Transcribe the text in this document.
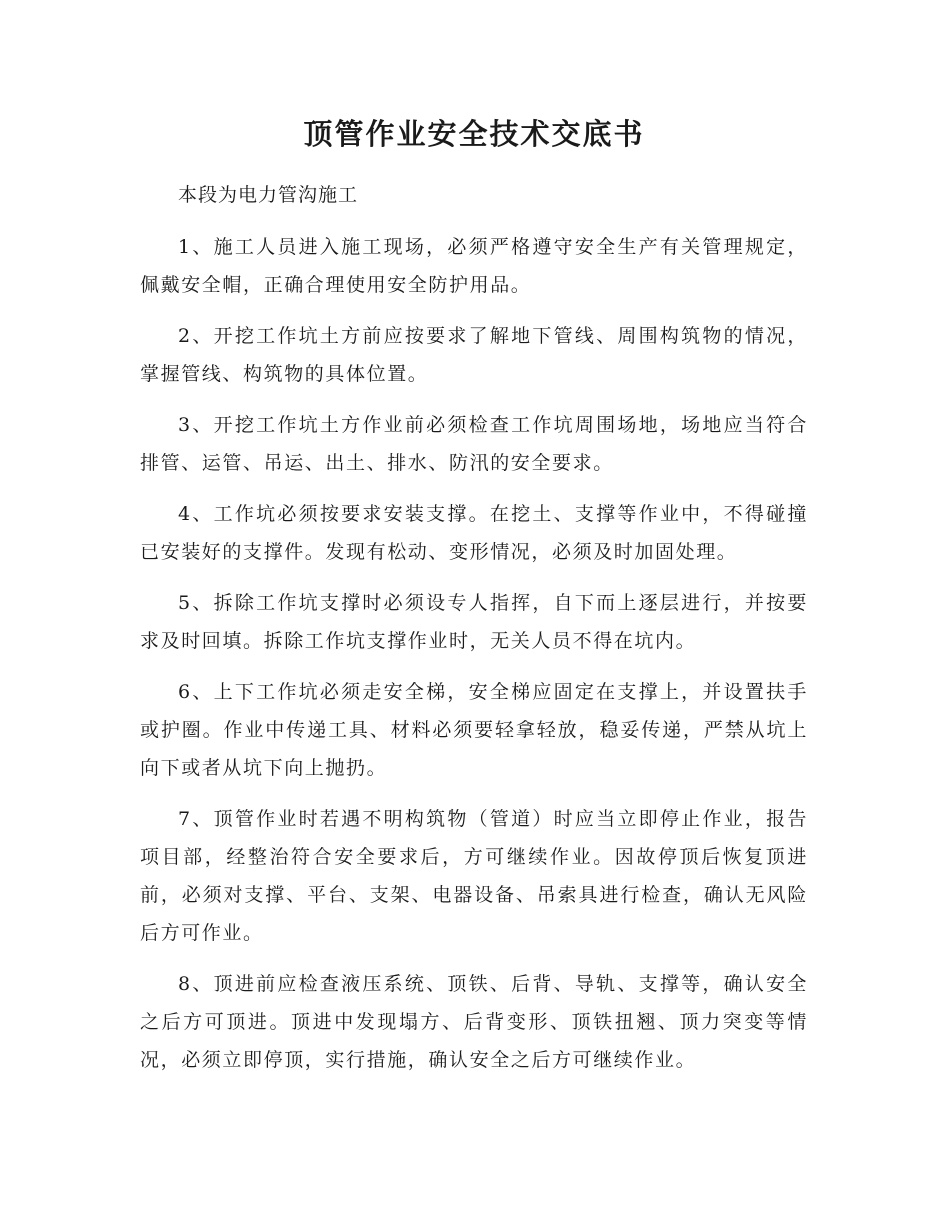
顶管作业安全技术交底书

本段为电力管沟施工

1、施工人员进入施工现场，必须严格遵守安全生产有关管理规定，佩戴安全帽，正确合理使用安全防护用品。

2、开挖工作坑土方前应按要求了解地下管线、周围构筑物的情况，掌握管线、构筑物的具体位置。

3、开挖工作坑土方作业前必须检查工作坑周围场地，场地应当符合排管、运管、吊运、出土、排水、防汛的安全要求。

4、工作坑必须按要求安装支撑。在挖土、支撑等作业中，不得碰撞已安装好的支撑件。发现有松动、变形情况，必须及时加固处理。

5、拆除工作坑支撑时必须设专人指挥，自下而上逐层进行，并按要求及时回填。拆除工作坑支撑作业时，无关人员不得在坑内。

6、上下工作坑必须走安全梯，安全梯应固定在支撑上，并设置扶手或护圈。作业中传递工具、材料必须要轻拿轻放，稳妥传递，严禁从坑上向下或者从坑下向上抛扔。

7、顶管作业时若遇不明构筑物（管道）时应当立即停止作业，报告项目部，经整治符合安全要求后，方可继续作业。因故停顶后恢复顶进前，必须对支撑、平台、支架、电器设备、吊索具进行检查，确认无风险后方可作业。

8、顶进前应检查液压系统、顶铁、后背、导轨、支撑等，确认安全之后方可顶进。顶进中发现塌方、后背变形、顶铁扭翘、顶力突变等情况，必须立即停顶，实行措施，确认安全之后方可继续作业。
